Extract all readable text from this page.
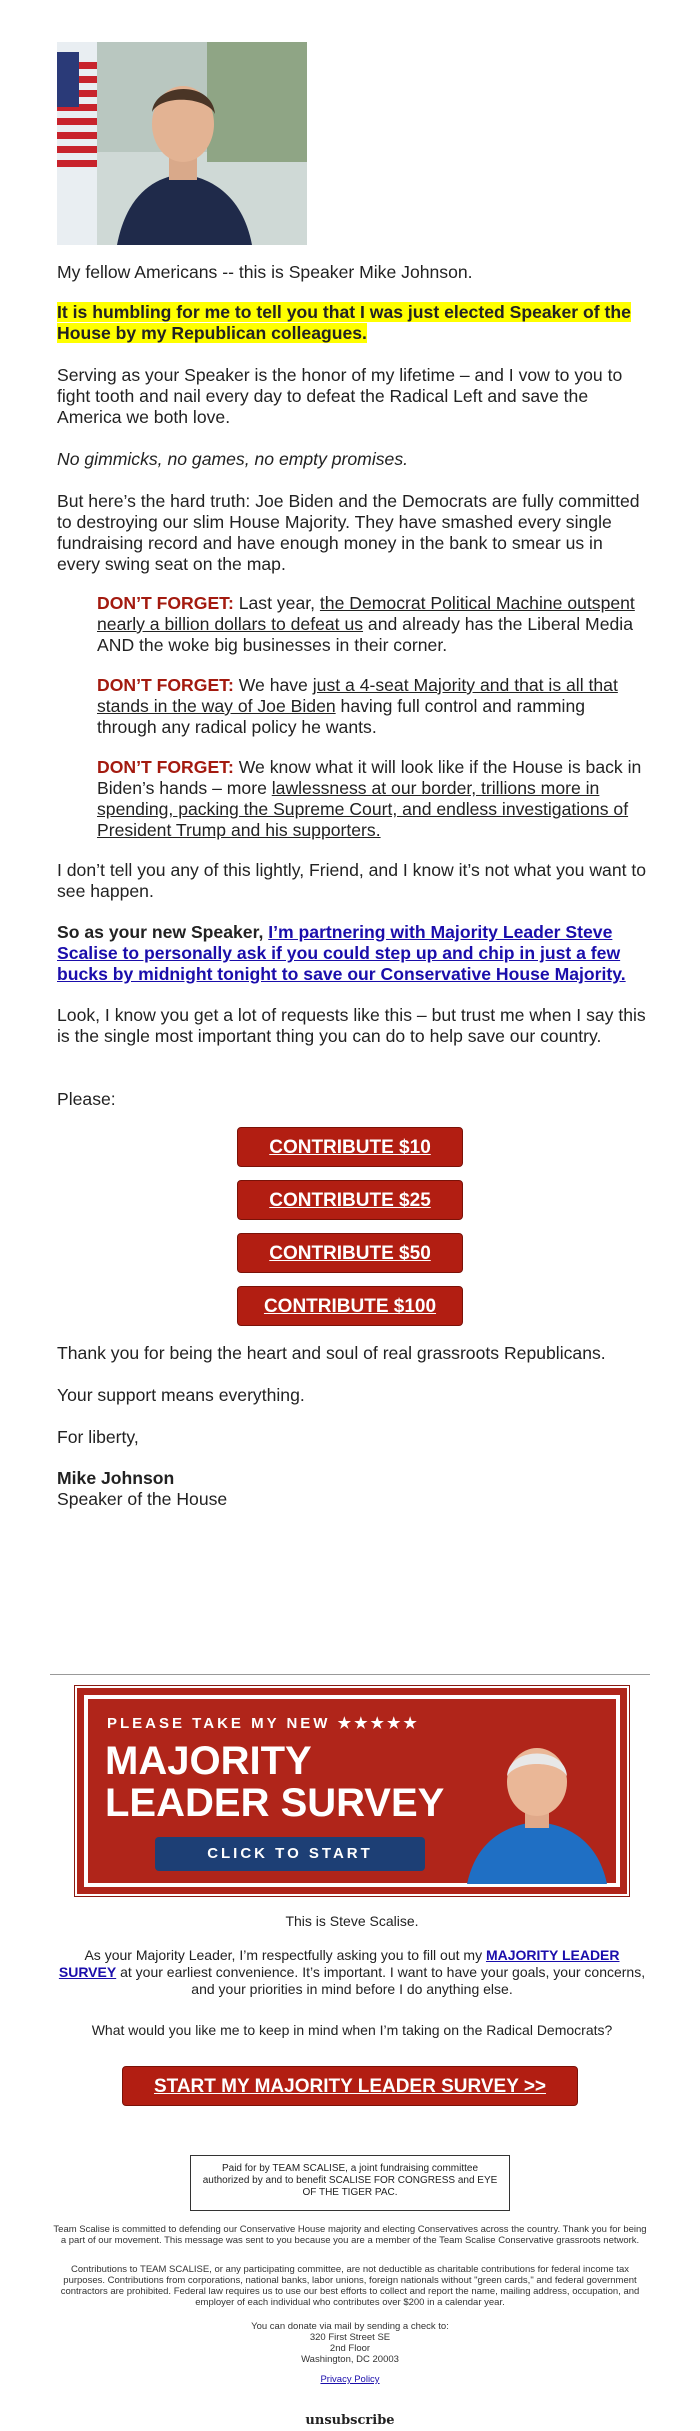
My fellow Americans -- this is Speaker Mike Johnson.

It is humbling for me to tell you that I was just elected Speaker of the House by my Republican colleagues.

Serving as your Speaker is the honor of my lifetime – and I vow to you to fight tooth and nail every day to defeat the Radical Left and save the America we both love.

No gimmicks, no games, no empty promises.

But here’s the hard truth: Joe Biden and the Democrats are fully committed to destroying our slim House Majority. They have smashed every single fundraising record and have enough money in the bank to smear us in every swing seat on the map.

DON’T FORGET: Last year, the Democrat Political Machine outspent nearly a billion dollars to defeat us and already has the Liberal Media AND the woke big businesses in their corner.

DON’T FORGET: We have just a 4-seat Majority and that is all that stands in the way of Joe Biden having full control and ramming through any radical policy he wants.

DON’T FORGET: We know what it will look like if the House is back in Biden’s hands – more lawlessness at our border, trillions more in spending, packing the Supreme Court, and endless investigations of President Trump and his supporters.

I don’t tell you any of this lightly, Friend, and I know it’s not what you want to see happen.

So as your new Speaker, I’m partnering with Majority Leader Steve Scalise to personally ask if you could step up and chip in just a few bucks by midnight tonight to save our Conservative House Majority.

Look, I know you get a lot of requests like this – but trust me when I say this is the single most important thing you can do to help save our country.

Please:

CONTRIBUTE $10
CONTRIBUTE $25
CONTRIBUTE $50
CONTRIBUTE $100

Thank you for being the heart and soul of real grassroots Republicans.

Your support means everything.

For liberty,

Mike Johnson

Speaker of the House

PLEASE TAKE MY NEW ★★★★★
MAJORITY
LEADER SURVEY
CLICK TO START

This is Steve Scalise.

As your Majority Leader, I’m respectfully asking you to fill out my MAJORITY LEADER SURVEY at your earliest convenience. It’s important. I want to have your goals, your concerns, and your priorities in mind before I do anything else.

What would you like me to keep in mind when I’m taking on the Radical Democrats?

START MY MAJORITY LEADER SURVEY >>
Paid for by TEAM SCALISE, a joint fundraising committee authorized by and to benefit SCALISE FOR CONGRESS and EYE OF THE TIGER PAC.

Team Scalise is committed to defending our Conservative House majority and electing Conservatives across the country. Thank you for being a part of our movement. This message was sent to you because you are a member of the Team Scalise Conservative grassroots network.

Contributions to TEAM SCALISE, or any participating committee, are not deductible as charitable contributions for federal income tax purposes. Contributions from corporations, national banks, labor unions, foreign nationals without "green cards," and federal government contractors are prohibited. Federal law requires us to use our best efforts to collect and report the name, mailing address, occupation, and employer of each individual who contributes over $200 in a calendar year.

You can donate via mail by sending a check to:

320 First Street SE

2nd Floor

Washington, DC 20003

Privacy Policy

unsubscribe
